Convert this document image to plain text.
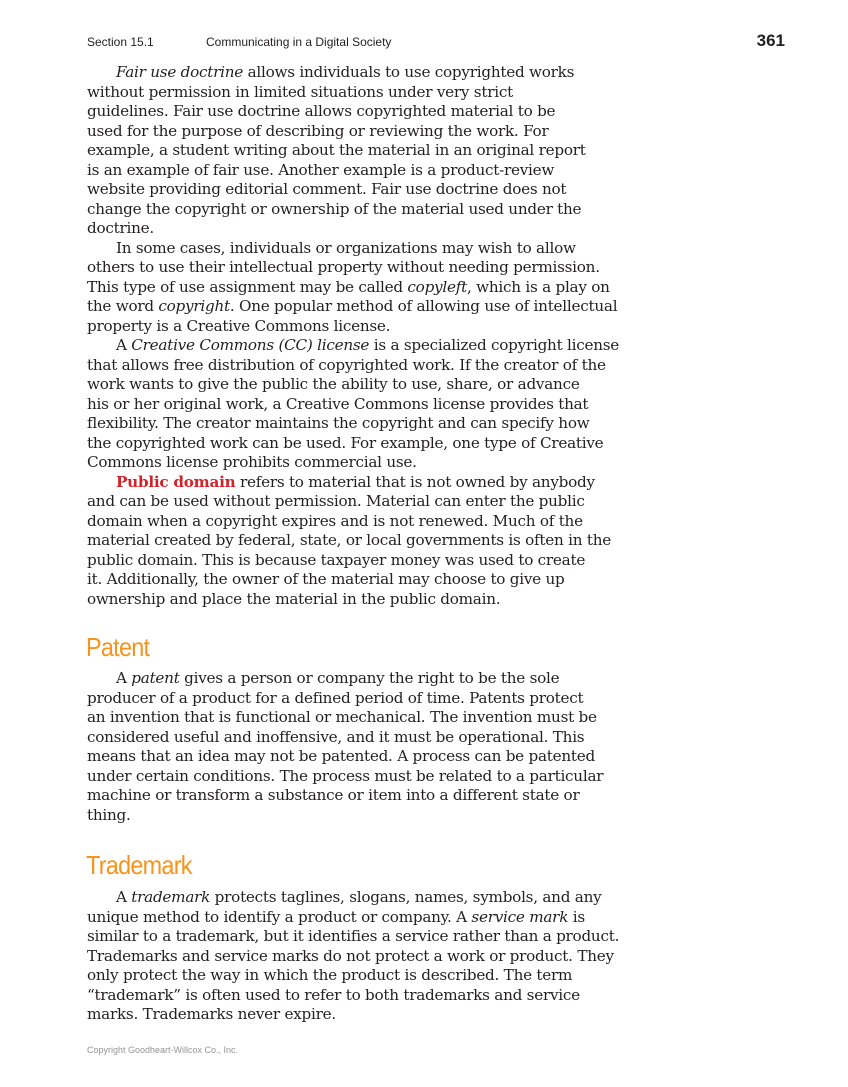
Section 15.1	Communicating in a Digital Society	361
Fair use doctrine allows individuals to use copyrighted works
without permission in limited situations under very strict
guidelines. Fair use doctrine allows copyrighted material to be
used for the purpose of describing or reviewing the work. For
example, a student writing about the material in an original report
is an example of fair use. Another example is a product-review
website providing editorial comment. Fair use doctrine does not
change the copyright or ownership of the material used under the
doctrine.
In some cases, individuals or organizations may wish to allow
others to use their intellectual property without needing permission.
This type of use assignment may be called copyleft, which is a play on
the word copyright. One popular method of allowing use of intellectual
property is a Creative Commons license.
A Creative Commons (CC) license is a specialized copyright license
that allows free distribution of copyrighted work. If the creator of the
work wants to give the public the ability to use, share, or advance
his or her original work, a Creative Commons license provides that
flexibility. The creator maintains the copyright and can specify how
the copyrighted work can be used. For example, one type of Creative
Commons license prohibits commercial use.
Public domain refers to material that is not owned by anybody
and can be used without permission. Material can enter the public
domain when a copyright expires and is not renewed. Much of the
material created by federal, state, or local governments is often in the
public domain. This is because taxpayer money was used to create
it. Additionally, the owner of the material may choose to give up
ownership and place the material in the public domain.
Patent
A patent gives a person or company the right to be the sole
producer of a product for a defined period of time. Patents protect
an invention that is functional or mechanical. The invention must be
considered useful and inoffensive, and it must be operational. This
means that an idea may not be patented. A process can be patented
under certain conditions. The process must be related to a particular
machine or transform a substance or item into a different state or
thing.
Trademark
A trademark protects taglines, slogans, names, symbols, and any
unique method to identify a product or company. A service mark is
similar to a trademark, but it identifies a service rather than a product.
Trademarks and service marks do not protect a work or product. They
only protect the way in which the product is described. The term
“trademark” is often used to refer to both trademarks and service
marks. Trademarks never expire.
Copyright Goodheart-Willcox Co., Inc.
